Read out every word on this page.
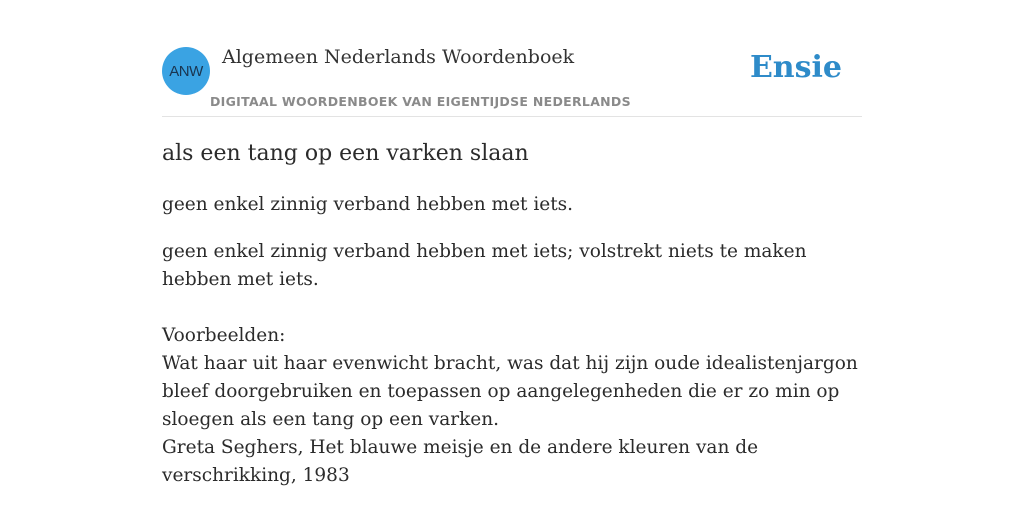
ANW
Algemeen Nederlands Woordenboek
DIGITAAL WOORDENBOEK VAN EIGENTIJDSE NEDERLANDS
Ensie
als een tang op een varken slaan

geen enkel zinnig verband hebben met iets.

geen enkel zinnig verband hebben met iets; volstrekt niets te maken hebben met iets.

Voorbeelden:

Wat haar uit haar evenwicht bracht, was dat hij zijn oude idealistenjargon bleef doorgebruiken en toepassen op aangelegenheden die er zo min op sloegen als een tang op een varken.

Greta Seghers, Het blauwe meisje en de andere kleuren van de verschrikking, 1983
